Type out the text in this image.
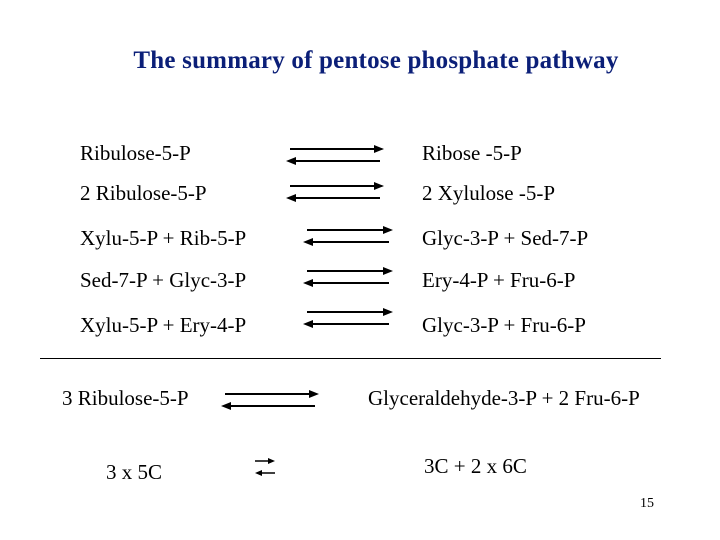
The summary of pentose phosphate pathway
Ribulose-5-P	Ribose -5-P
2 Ribulose-5-P	2 Xylulose -5-P
Xylu-5-P + Rib-5-P	Glyc-3-P + Sed-7-P
Sed-7-P + Glyc-3-P	Ery-4-P + Fru-6-P
Xylu-5-P + Ery-4-P	Glyc-3-P + Fru-6-P
3 Ribulose-5-P	Glyceraldehyde-3-P + 2 Fru-6-P
3 x 5C	3C + 2 x 6C
15
